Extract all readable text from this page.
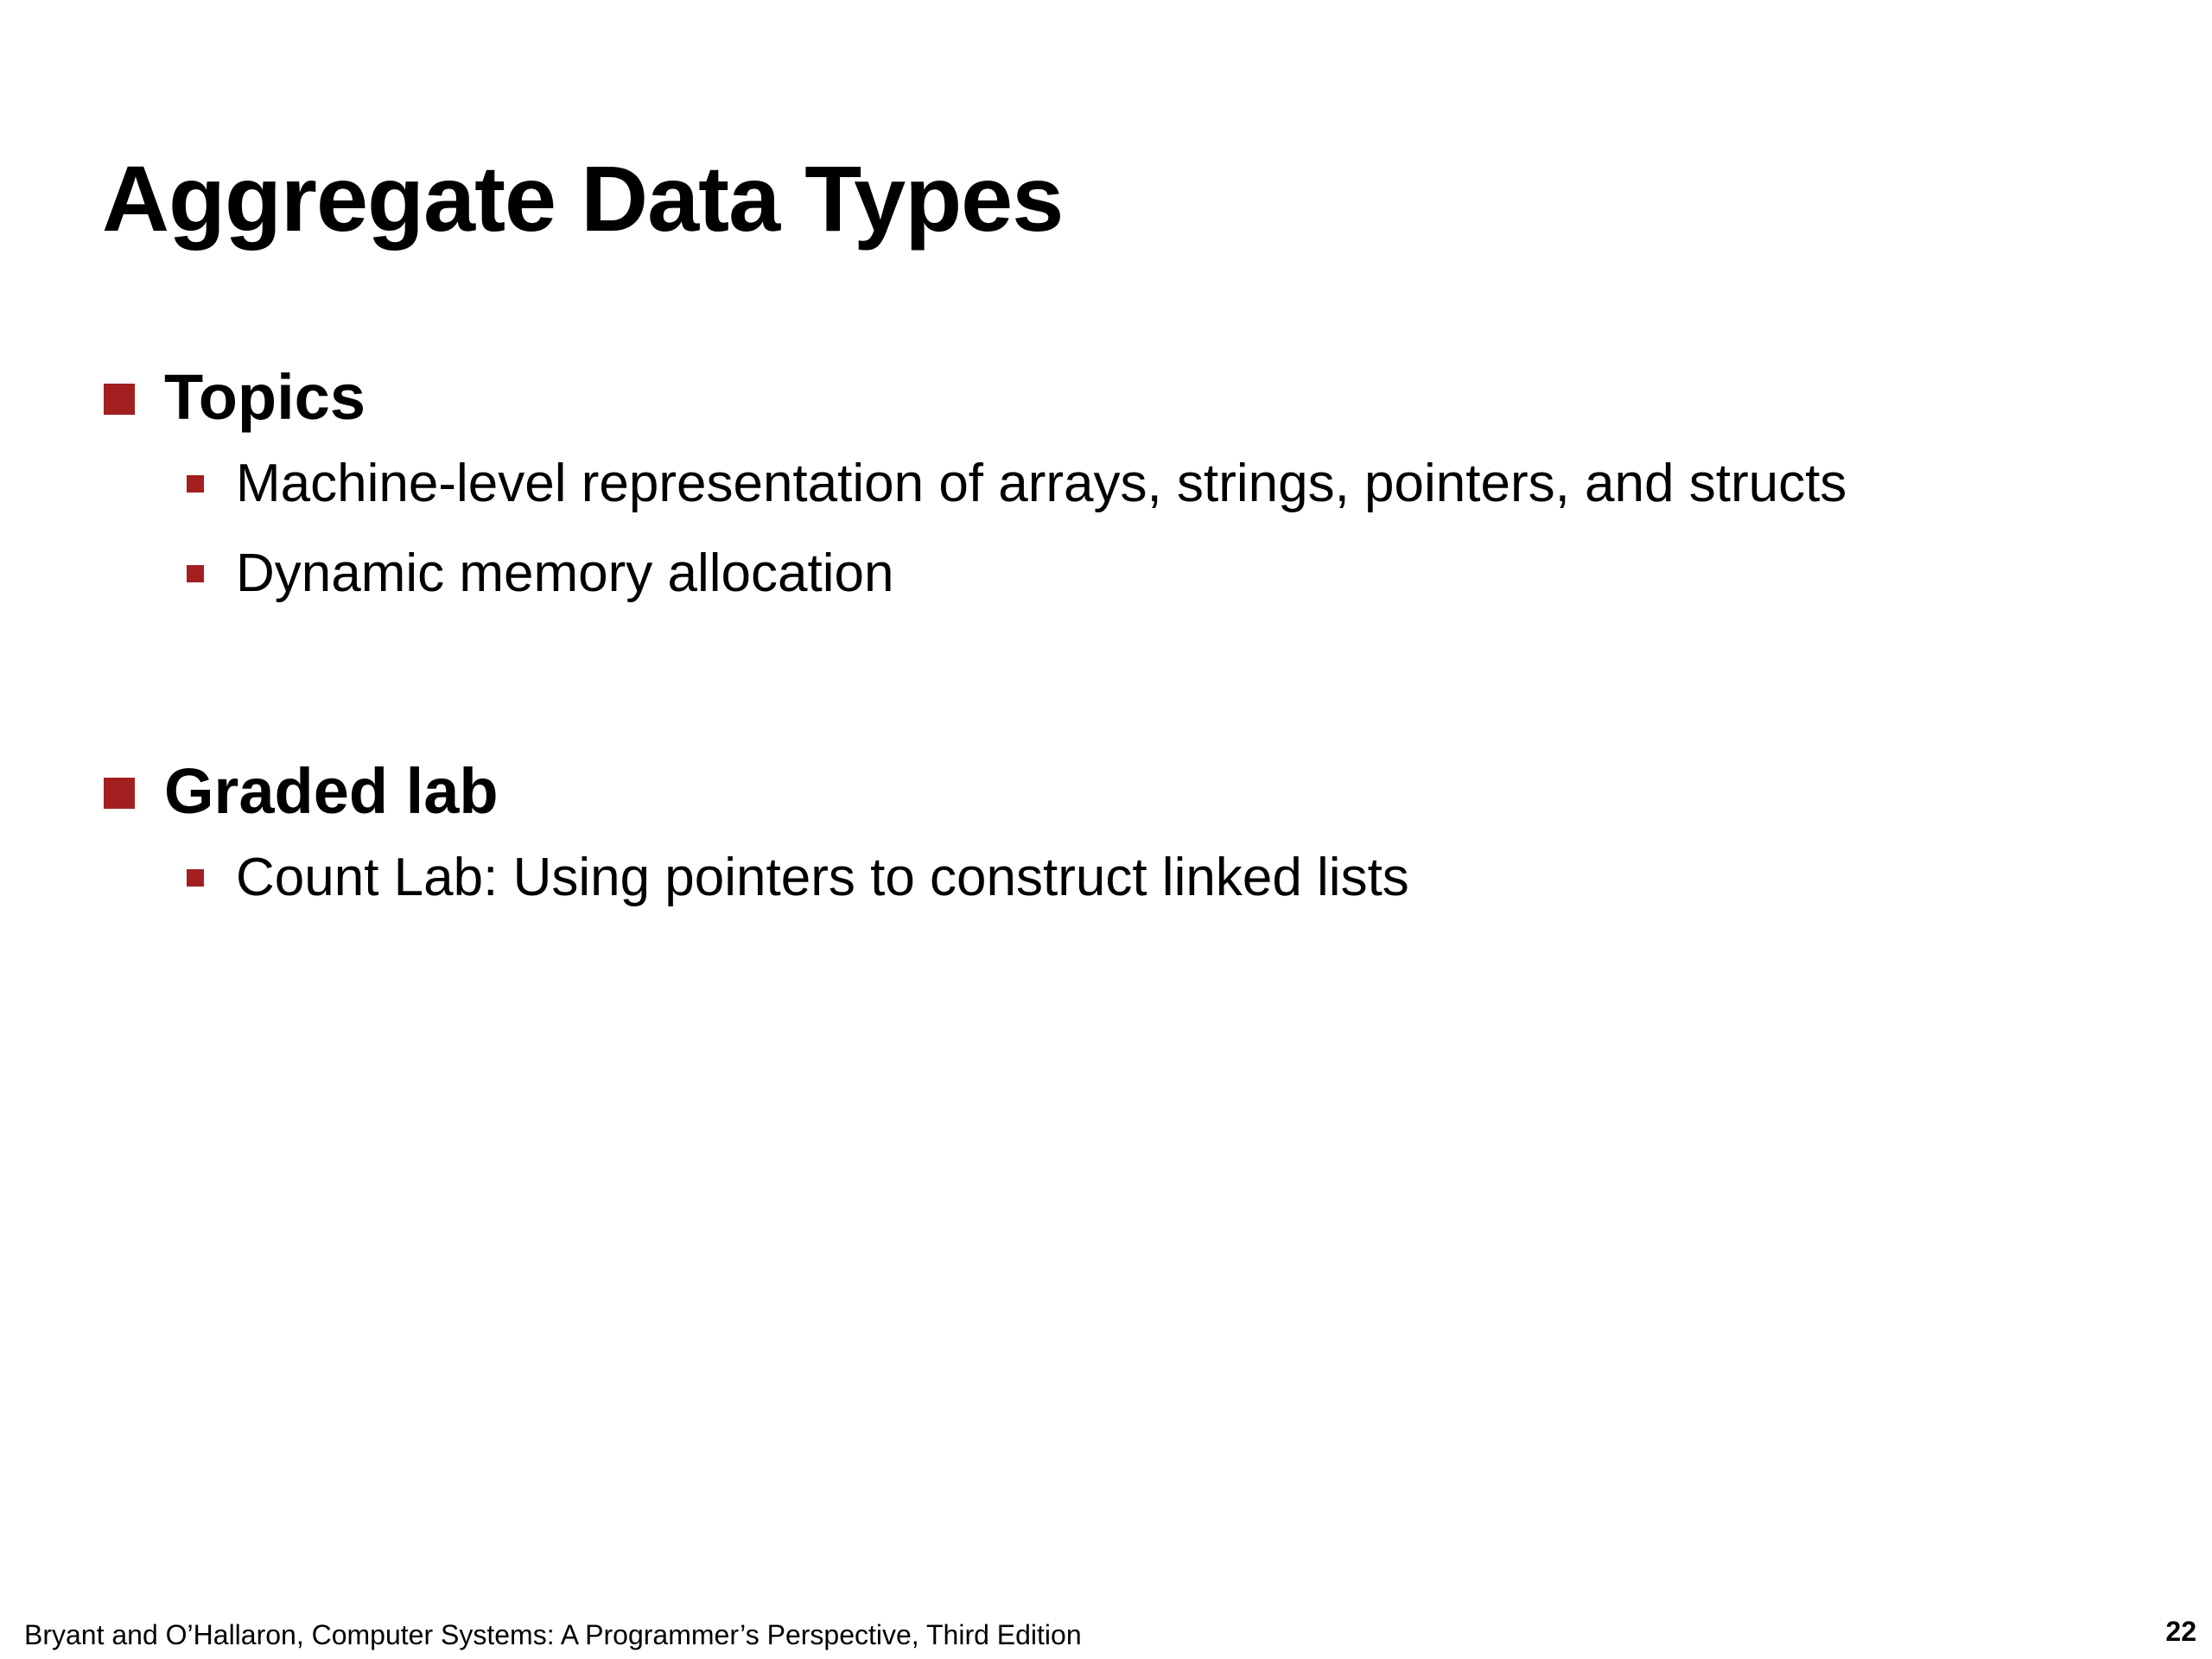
Aggregate Data Types
Topics
Machine-level representation of arrays, strings, pointers, and structs
Dynamic memory allocation
Graded lab
Count Lab: Using pointers to construct linked lists
Bryant and O’Hallaron, Computer Systems: A Programmer’s Perspective, Third Edition	22
